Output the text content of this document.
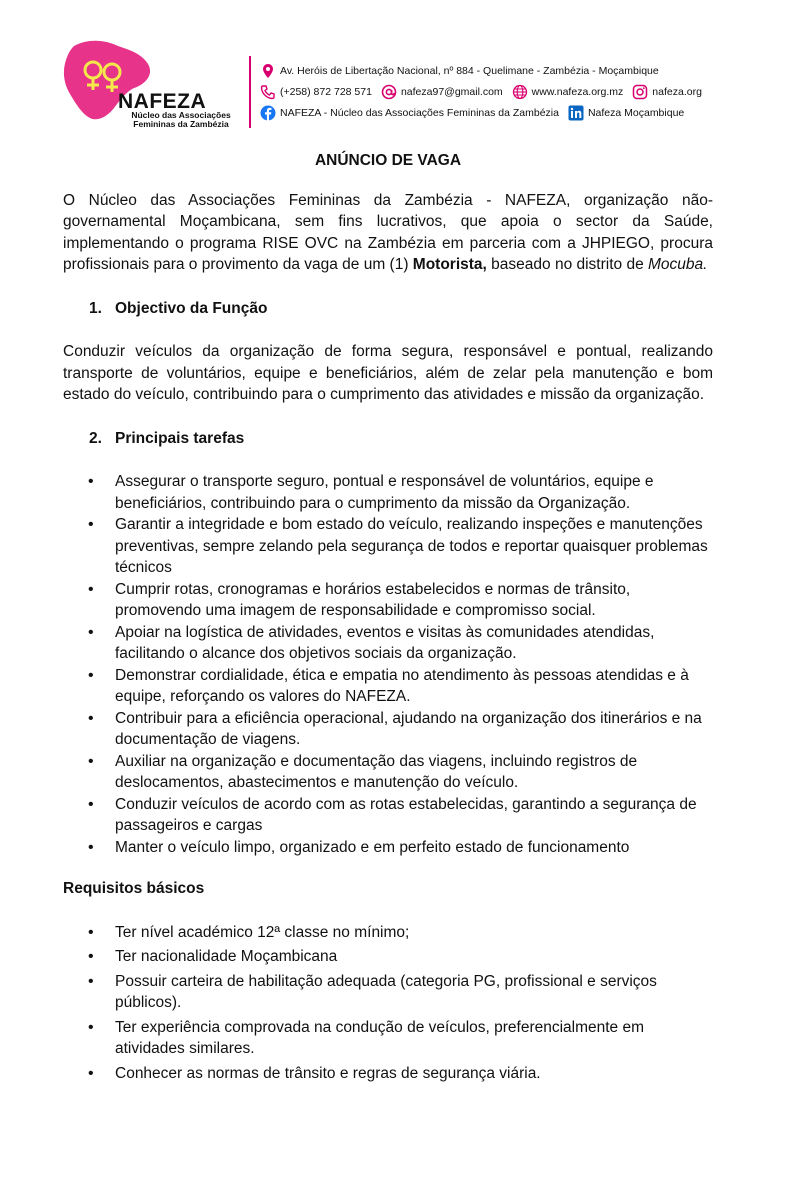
NAFEZA
Núcleo das Associações
Femininas da Zambézia
Av. Heróis de Libertação Nacional, nº 884 - Quelimane - Zambézia - Moçambique
(+258) 872 728 571	nafeza97@gmail.com	www.nafeza.org.mz	nafeza.org
NAFEZA - Núcleo das Associações Femininas da Zambézia	Nafeza Moçambique
ANÚNCIO DE VAGA

O Núcleo das Associações Femininas da Zambézia - NAFEZA, organização não-governamental Moçambicana, sem fins lucrativos, que apoia o sector da Saúde, implementando o programa RISE OVC na Zambézia em parceria com a JHPIEGO, procura profissionais para o provimento da vaga de um (1) Motorista, baseado no distrito de Mocuba.

1. Objectivo da Função

Conduzir veículos da organização de forma segura, responsável e pontual, realizando transporte de voluntários, equipe e beneficiários, além de zelar pela manutenção e bom estado do veículo, contribuindo para o cumprimento das atividades e missão da organização.

2. Principais tarefas
• Assegurar o transporte seguro, pontual e responsável de voluntários, equipe e beneficiários, contribuindo para o cumprimento da missão da Organização.
• Garantir a integridade e bom estado do veículo, realizando inspeções e manutenções preventivas, sempre zelando pela segurança de todos e reportar quaisquer problemas técnicos
• Cumprir rotas, cronogramas e horários estabelecidos e normas de trânsito, promovendo uma imagem de responsabilidade e compromisso social.
• Apoiar na logística de atividades, eventos e visitas às comunidades atendidas, facilitando o alcance dos objetivos sociais da organização.
• Demonstrar cordialidade, ética e empatia no atendimento às pessoas atendidas e à equipe, reforçando os valores do NAFEZA.
• Contribuir para a eficiência operacional, ajudando na organização dos itinerários e na documentação de viagens.
• Auxiliar na organização e documentação das viagens, incluindo registros de deslocamentos, abastecimentos e manutenção do veículo.
• Conduzir veículos de acordo com as rotas estabelecidas, garantindo a segurança de passageiros e cargas
• Manter o veículo limpo, organizado e em perfeito estado de funcionamento
Requisitos básicos
• Ter nível académico 12ª classe no mínimo;
• Ter nacionalidade Moçambicana
• Possuir carteira de habilitação adequada (categoria PG, profissional e serviços públicos).
• Ter experiência comprovada na condução de veículos, preferencialmente em atividades similares.
• Conhecer as normas de trânsito e regras de segurança viária.
